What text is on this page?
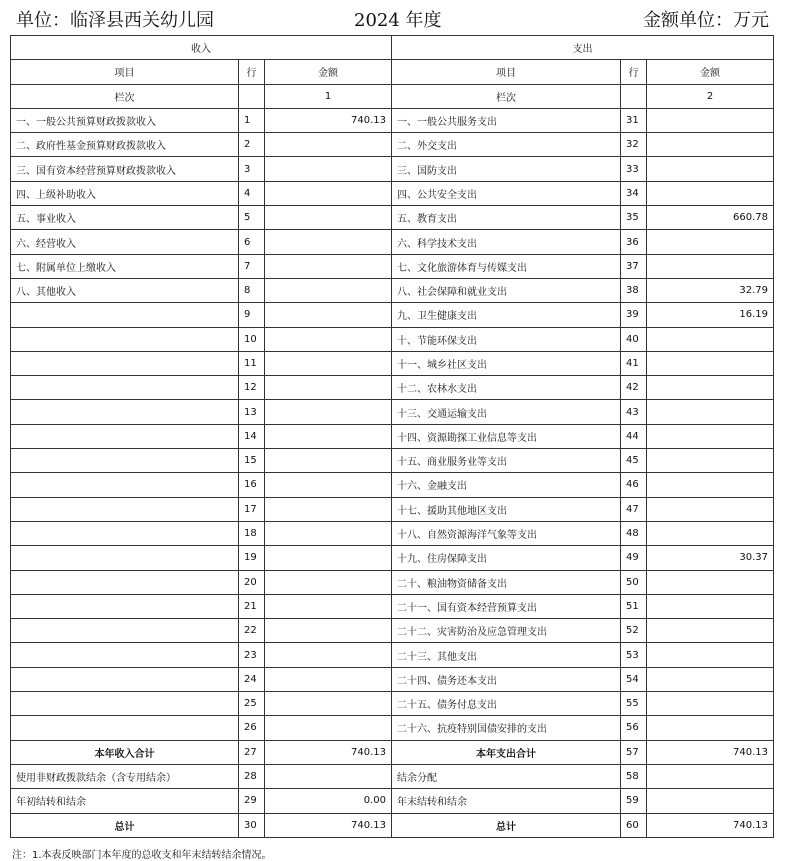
单位：临泽县西关幼儿园	2024 年度	金额单位：万元
收入			支出		
项目	行	金额	项目	行	金额
栏次		1	栏次		2
一、一般公共预算财政拨款收入	1	740.13	一、一般公共服务支出	31	
二、政府性基金预算财政拨款收入	2		二、外交支出	32	
三、国有资本经营预算财政拨款收入	3		三、国防支出	33	
四、上级补助收入	4		四、公共安全支出	34	
五、事业收入	5		五、教育支出	35	660.78
六、经营收入	6		六、科学技术支出	36	
七、附属单位上缴收入	7		七、文化旅游体育与传媒支出	37	
八、其他收入	8		八、社会保障和就业支出	38	32.79
	9		九、卫生健康支出	39	16.19
	10		十、节能环保支出	40	
	11		十一、城乡社区支出	41	
	12		十二、农林水支出	42	
	13		十三、交通运输支出	43	
	14		十四、资源勘探工业信息等支出	44	
	15		十五、商业服务业等支出	45	
	16		十六、金融支出	46	
	17		十七、援助其他地区支出	47	
	18		十八、自然资源海洋气象等支出	48	
	19		十九、住房保障支出	49	30.37
	20		二十、粮油物资储备支出	50	
	21		二十一、国有资本经营预算支出	51	
	22		二十二、灾害防治及应急管理支出	52	
	23		二十三、其他支出	53	
	24		二十四、债务还本支出	54	
	25		二十五、债务付息支出	55	
	26		二十六、抗疫特别国债安排的支出	56	
本年收入合计	27	740.13	本年支出合计	57	740.13
使用非财政拨款结余（含专用结余）	28		结余分配	58	
年初结转和结余	29	0.00	年末结转和结余	59	
总计	30	740.13	总计	60	740.13
注：1.本表反映部门本年度的总收支和年末结转结余情况。
